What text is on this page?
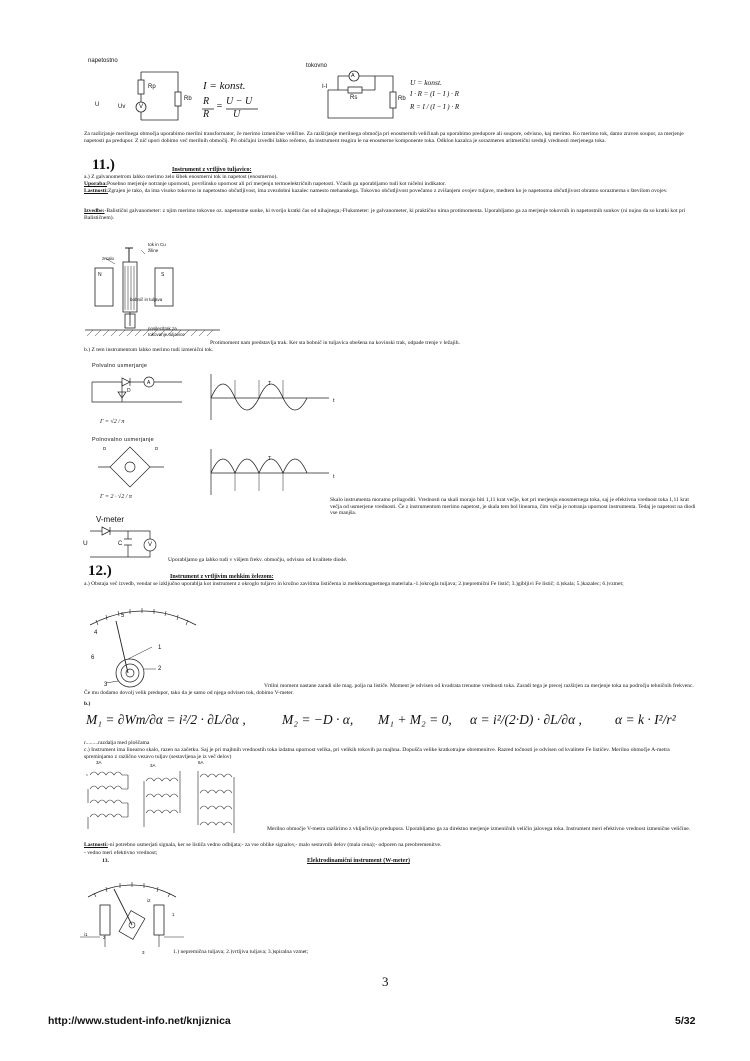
napetostno
tokovno
Rp
Rb
U	Uv V
I = konst.
R
R
= U − U
U
I-I
A
Rs	Rb
U = konst.
I · R = (I − I ) · R
R = I / (I − I ) · R
Za razširjanje merilnega območja uporabimo merilni transformator, če merimo izmenične veličine. Za razširjanje merilnega območja pri enosmernih veličinah pa uporabimo predupore ali soupore, odvisno, kaj merimo. Ko merimo tok, damo zraven soupor, za merjenje napetosti pa predupor. Z nič upori dobimo več merilnih območij. Pri običajni izvedbi lahko rečemo, da instrument reagira le na enosmerne komponente toka. Odklon kazalca je sorazmeren aritmetični srednji vrednosti merjenega toka.
11.)	Instrument z vrtljivo tuljavico:
a.) Z galvanometrom lahko merimo zelo šibek enosmerni tok in napetost (enosmerno).
Uporaba:Posebno merjenje notranje upornosti, površinsko upornost ali pri merjenju termoelektričnih napetosti. Včasih ga uporabljamo tudi kot ničelni indikator.
Lastnosti:Zgrajen je tako, da ima visoko tokovno in napetostno občutljivost, ima zvezdobni kazalec namesto mehanskega. Tokovno občutljivost povečamo z zvišanjem ovojev tuljave, medtem ko je napetostna občutljivost obratno sorazmerna s številom ovojev.
Izvedbe:-Balistični galvanometer: z njim merimo tokovne oz. napetostne sunke, ki tvorijo kratki čas od nihajnega;-Fluksmeter: je galvanometer, ki praktično nima protimomenta. Uporabljamo ga za merjenje tokovnih in napetostnih sunkov (ni nujno da so kratki kot pri Balističnem).
tok in Cu
žiline
zrcalo
N	S
bobnič in tuljava
nosilec/trak za
tokovanje tuljavice
Protimoment nam predstavlja trak. Ker sta bobnič in tuljavica obešena na kovinski trak, odpade trenje v ležajih.
b.) Z tem instrumentom lahko merimo tudi izmenični tok.
Polvalno usmerjanje
D
A
Γ = √2 / π
T
t
Polnovalno usmerjanje
D	D
Γ = 2 · √2 / π
T
t
Skalo instrumenta moramo prilagoditi. Vrednosti na skali morajo biti 1,11 krat večje, kot pri merjenju enosmernega toka, saj je efektivna vrednost toka 1,11 krat večja od usmerjene vrednosti. Če z instrumentom merimo napetost, je skala tem bol linearna, čim večja je notranja upornost instrumenta. Tedaj je napetost na diodi vse manjša.
V-meter
U	C	V
Uporabljamo ga lahko tudi v višjem frekv. območju, odvisno od kvalitete diode.
12.)	Instrument z vrtljivim mehkim železom:
a.) Obstaja več izvedb, vendar se izključno uporablja kot instrument z okroglo tuljavo in krožno zavitima lističema iz mehkomagnetnega materiala.-1.)okrogla tuljava; 2.)nepremični Fe listič; 3.)gibljivi Fe listič; 4.)skala; 5.)kazalec; 6.)vzmet;
4
5
1
6
2
3	Vrtilni moment nastane zaradi sile mag. polja na lističe. Moment je odvisen od kvadrata trenutne vrednosti toka. Zaradi tega je precej razširjen za merjenje toka na področju tehničnih frekvenc. Če mu dodamo dovolj velik predupor, tako da je samo od njega odvisen tok, dobimo V-meter.
b.)
M₁ = ∂Wm/∂α = i²/2 · ∂L/∂α ,	M₂ = −D · α, M₁ + M₂ = 0, α = i²/(2·D) · ∂L/∂α , α = k · I²/r²
r.........razdalja med ploščama
c.) Instrument ima linearno skalo, razen na začetku. Saj je pri majhnih vrednostih toka izdatna upornost velika, pri velikih tokovih pa majhna. Dopušča velike kratkotrajne obremenitve. Razred točnosti je odvisen od kvalitete Fe lističev. Merilno območje A-metra spreminjamo z različno vezavo tuljav (sestavljena je iz več delov)
3A
3A
6A
Merilno območje V-metra razširimo z vključitvijo predupora. Uporabljamo ga za direktno merjenje izmeničnih veličin jalovega toka. Instrument meri efektivno vrednost izmenične veličine.
Lastnosti:-ni potrebno usmerjati signala, ker se lističa vedno odbijata;- za vse oblike signalov,- malo sestavnih delov (mala cena);- odporen na preobremenitve.
- vedno meri efektivno vrednost;
13.	Elektrodinamični instrument (W-meter)
i2
1
i1
2
3	1.) nepremična tuljava; 2.)vrtljiva tuljava; 3.)spiralna vzmet;
3
http://www.student-info.net/knjiznica	5/32
